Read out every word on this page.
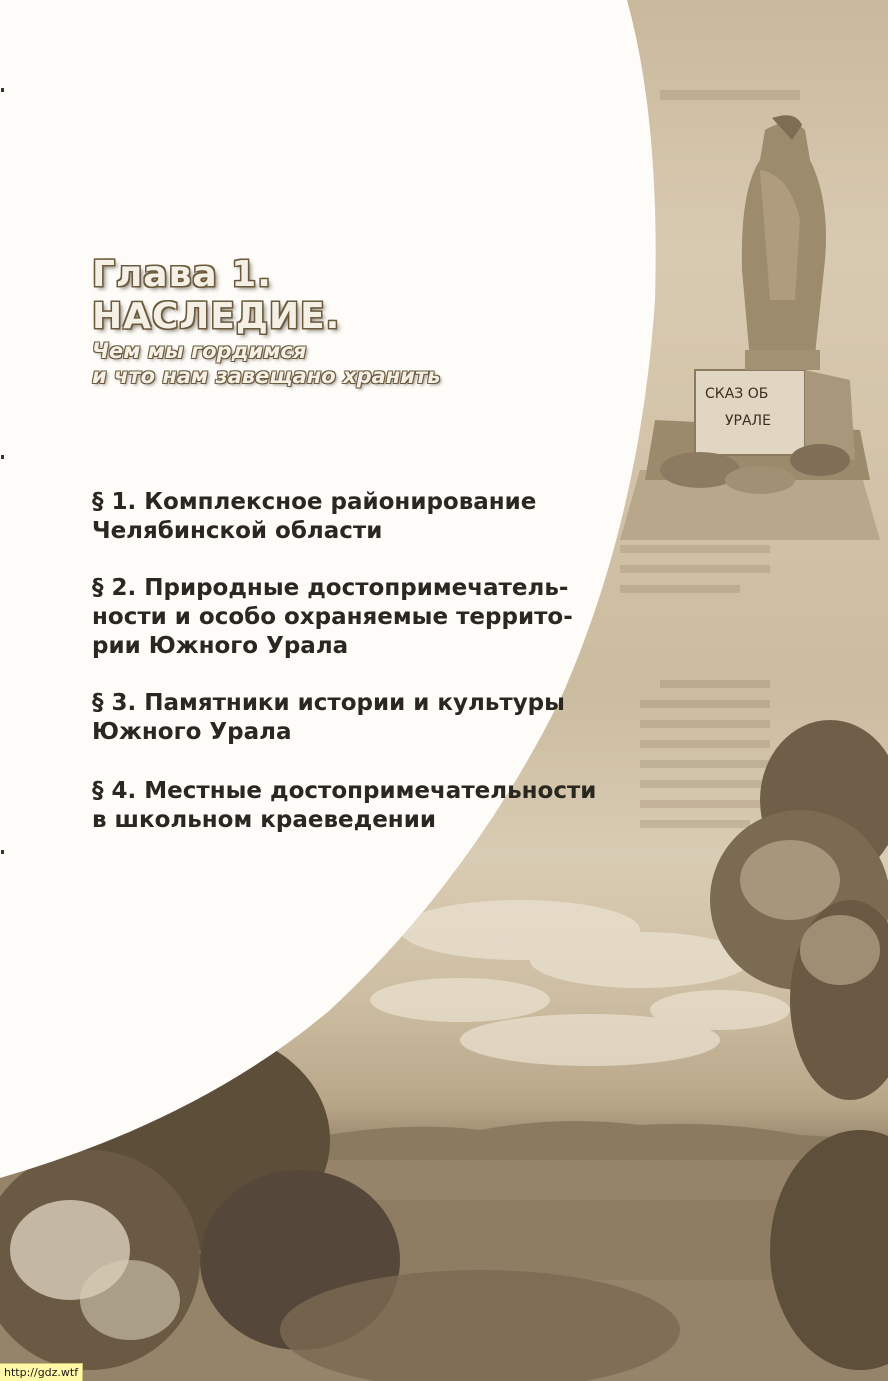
СКАЗ ОБ
УРАЛЕ
Глава 1.
НАСЛЕДИЕ.
Чем мы гордимся
и что нам завещано хранить
§ 1. Комплексное районирование
Челябинской области
§ 2. Природные достопримечатель-
ности и особо охраняемые террито-
рии Южного Урала
§ 3. Памятники истории и культуры
Южного Урала
§ 4. Местные достопримечательности
в школьном краеведении
http://gdz.wtf
